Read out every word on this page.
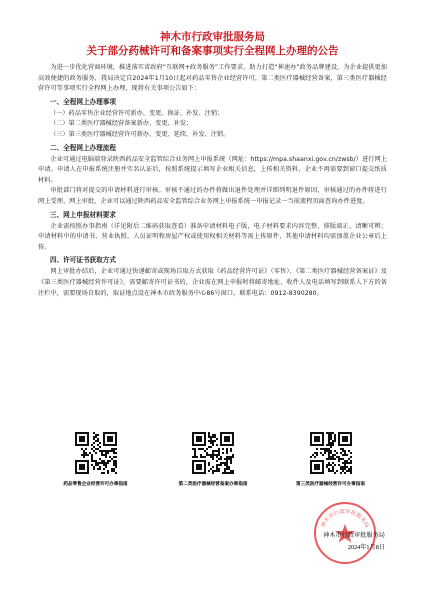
神木市行政审批服务局
关于部分药械许可和备案事项实行全程网上办理的公告

为进一步优化营商环境，推进落实省政府“互联网+政务服务”工作要求，助力打造“神速办”政务品牌建设，为企业提供更加高效便捷的政务服务，我局决定自2024年1月10日起对药品零售企业经营许可，第二类医疗器械经营备案，第三类医疗器械经营许可等事项实行全程网上办理，现将有关事项公告如下：

一、全程网上办理事项
（一）药品零售企业经营许可新办、变更、换证、补发、注销；
（二）第二类医疗器械经营备案新办、变更、补发；
（三）第三类医疗器械经营许可新办、变更、延续、补发、注销。
二、全程网上办理流程

企业可通过电脑端登录陕西药品安全监管综合业务网上申报系统（网址：https://mpa.shaanxi.gov.cn/zwsb/）进行网上申请。申请人在申报系统注册并实名认证后，按照系统提示填写企业相关信息，上传相关资料，企业不再需要到窗口提交纸质材料。

审批部门将对提交的申请材料进行审核。审核不通过的办件将做出退件处理并详细列明退件原因，审核通过的办件将进行网上受理、网上审批，企业可以通过陕西药品安全监管综合业务网上申报系统一申报记录一当前流程页面查询办件进度。

三、网上申报材料要求

企业需按照办事指南（详见附后二维码获取查看）准备申请材料电子版，电子材料要求内容完整、排版端正、清晰可辨；申请材料中的申请书、营业执照、人员证明和房屋产权或使用权相关材料等需上传原件，其他申请材料均需加盖企业公章后上传。

四、许可证书获取方式

网上审批办结后，企业可通过快递邮寄或现场自取方式获取《药品经营许可证》（零售）、《第二类医疗器械经营备案证》及《第三类医疗器械经营许可证》，需要邮寄许可证书的，企业需在网上申报时将邮寄地址、收件人及电话填写到联系人下方的备注栏中，需要现场自取的，取证地点设在神木市政务服务中心86号窗口，联系电话：0912-8390280。

药品零售企业经营许可办事指南	第二类医疗器械经营备案办事指南	第三类医疗器械经营许可办事指南
神木市行政审批服务局
神木市行政审批服务局
2024年1月8日
